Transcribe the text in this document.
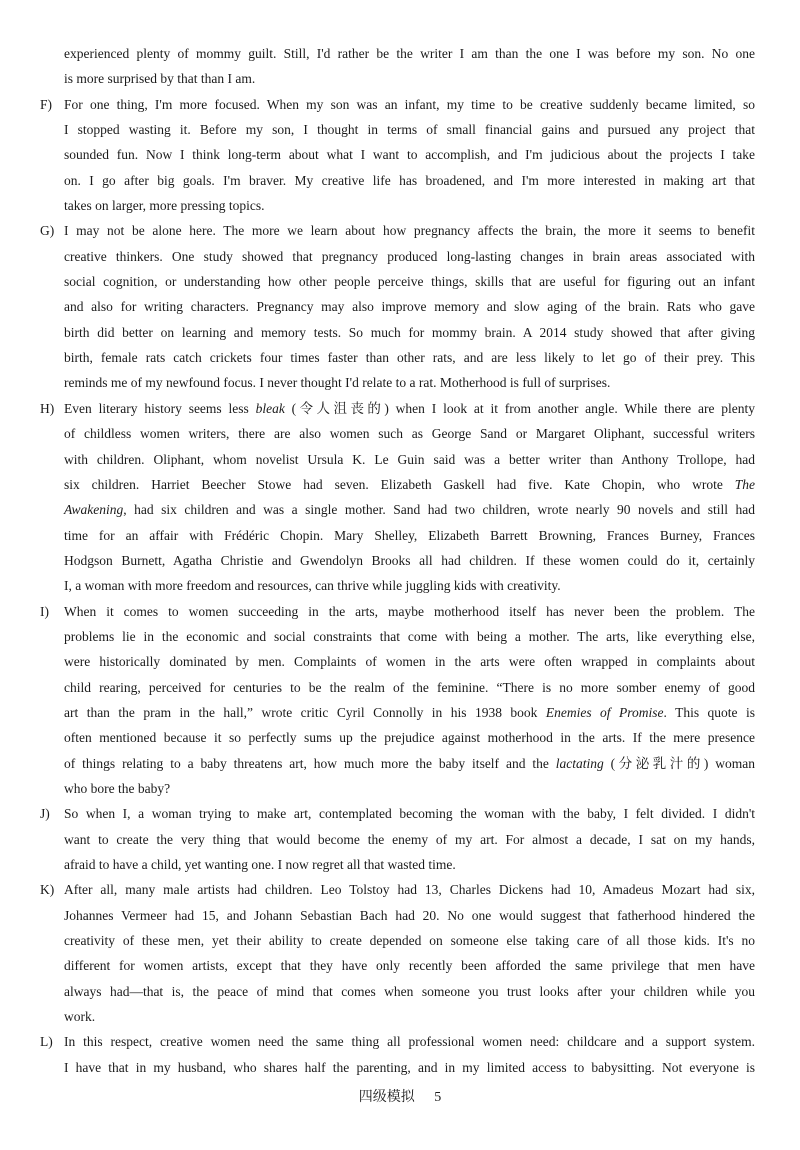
experienced plenty of mommy guilt. Still, I'd rather be the writer I am than the one I was before my son. No one
is more surprised by that than I am.
F) For one thing, I'm more focused. When my son was an infant, my time to be creative suddenly became limited, so
I stopped wasting it. Before my son, I thought in terms of small financial gains and pursued any project that
sounded fun. Now I think long-term about what I want to accomplish, and I'm judicious about the projects I take
on. I go after big goals. I'm braver. My creative life has broadened, and I'm more interested in making art that
takes on larger, more pressing topics.
G) I may not be alone here. The more we learn about how pregnancy affects the brain, the more it seems to benefit
creative thinkers. One study showed that pregnancy produced long-lasting changes in brain areas associated with
social cognition, or understanding how other people perceive things, skills that are useful for figuring out an infant
and also for writing characters. Pregnancy may also improve memory and slow aging of the brain. Rats who gave
birth did better on learning and memory tests. So much for mommy brain. A 2014 study showed that after giving
birth, female rats catch crickets four times faster than other rats, and are less likely to let go of their prey. This
reminds me of my newfound focus. I never thought I'd relate to a rat. Motherhood is full of surprises.
H) Even literary history seems less bleak (令人沮丧的) when I look at it from another angle. While there are plenty
of childless women writers, there are also women such as George Sand or Margaret Oliphant, successful writers
with children. Oliphant, whom novelist Ursula K. Le Guin said was a better writer than Anthony Trollope, had
six children. Harriet Beecher Stowe had seven. Elizabeth Gaskell had five. Kate Chopin, who wrote The
Awakening, had six children and was a single mother. Sand had two children, wrote nearly 90 novels and still had
time for an affair with Frédéric Chopin. Mary Shelley, Elizabeth Barrett Browning, Frances Burney, Frances
Hodgson Burnett, Agatha Christie and Gwendolyn Brooks all had children. If these women could do it, certainly
I, a woman with more freedom and resources, can thrive while juggling kids with creativity.
I) When it comes to women succeeding in the arts, maybe motherhood itself has never been the problem. The
problems lie in the economic and social constraints that come with being a mother. The arts, like everything else,
were historically dominated by men. Complaints of women in the arts were often wrapped in complaints about
child rearing, perceived for centuries to be the realm of the feminine. “There is no more somber enemy of good
art than the pram in the hall,” wrote critic Cyril Connolly in his 1938 book Enemies of Promise. This quote is
often mentioned because it so perfectly sums up the prejudice against motherhood in the arts. If the mere presence
of things relating to a baby threatens art, how much more the baby itself and the lactating (分泌乳汁的) woman
who bore the baby?
J) So when I, a woman trying to make art, contemplated becoming the woman with the baby, I felt divided. I didn't
want to create the very thing that would become the enemy of my art. For almost a decade, I sat on my hands,
afraid to have a child, yet wanting one. I now regret all that wasted time.
K) After all, many male artists had children. Leo Tolstoy had 13, Charles Dickens had 10, Amadeus Mozart had six,
Johannes Vermeer had 15, and Johann Sebastian Bach had 20. No one would suggest that fatherhood hindered the
creativity of these men, yet their ability to create depended on someone else taking care of all those kids. It's no
different for women artists, except that they have only recently been afforded the same privilege that men have
always had—that is, the peace of mind that comes when someone you trust looks after your children while you
work.
L) In this respect, creative women need the same thing all professional women need: childcare and a support system.
I have that in my husband, who shares half the parenting, and in my limited access to babysitting. Not everyone is
四级模拟 5
